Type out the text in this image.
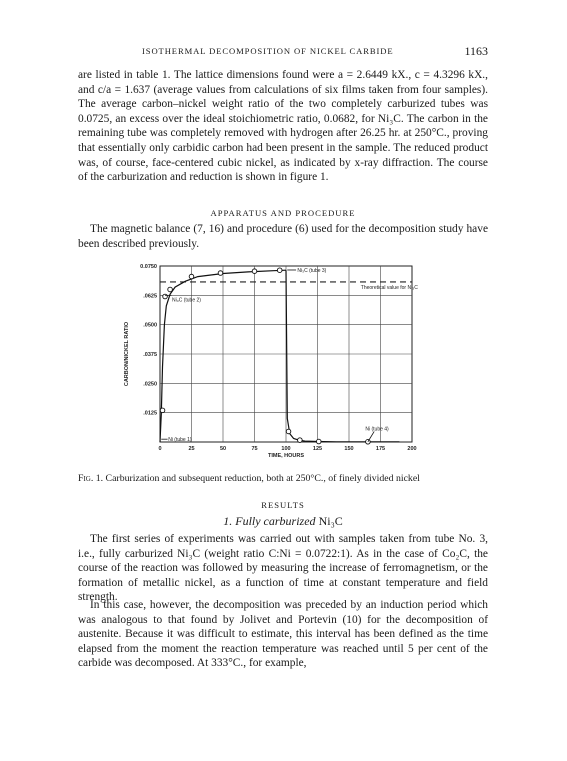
ISOTHERMAL DECOMPOSITION OF NICKEL CARBIDE	1163

are listed in table 1. The lattice dimensions found were a = 2.6449 kX., c = 4.3296 kX., and c/a = 1.637 (average values from calculations of six films taken from four samples). The average carbon–nickel weight ratio of the two completely carburized tubes was 0.0725, an excess over the ideal stoichiometric ratio, 0.0682, for Ni₃C. The carbon in the remaining tube was completely removed with hydrogen after 26.25 hr. at 250°C., proving that essentially only carbidic carbon had been present in the sample. The reduced product was, of course, face-centered cubic nickel, as indicated by x-ray diffraction. The course of the carburization and reduction is shown in figure 1.

APPARATUS AND PROCEDURE

The magnetic balance (7, 16) and procedure (6) used for the decomposition study have been described previously.

0	25	50	75	100	125	150	175	200
.0125
.0250
.0375
.0500
.0625
0.0750
TIME, HOURS
CARBON/NICKEL RATIO
Theoretical value for Ni₃C
Ni₃C (tube 3)
Ni₃C (tube 2)
Ni (tube 1)
Ni (tube 4)
Fig. 1. Carburization and subsequent reduction, both at 250°C., of finely divided nickel
RESULTS
1. Fully carburized Ni₃C

The first series of experiments was carried out with samples taken from tube No. 3, i.e., fully carburized Ni₃C (weight ratio C:Ni = 0.0722:1). As in the case of Co₂C, the course of the reaction was followed by measuring the increase of ferromagnetism, or the formation of metallic nickel, as a function of time at constant temperature and field strength.

In this case, however, the decomposition was preceded by an induction period which was analogous to that found by Jolivet and Portevin (10) for the decomposition of austenite. Because it was difficult to estimate, this interval has been defined as the time elapsed from the moment the reaction temperature was reached until 5 per cent of the carbide was decomposed. At 333°C., for example,
